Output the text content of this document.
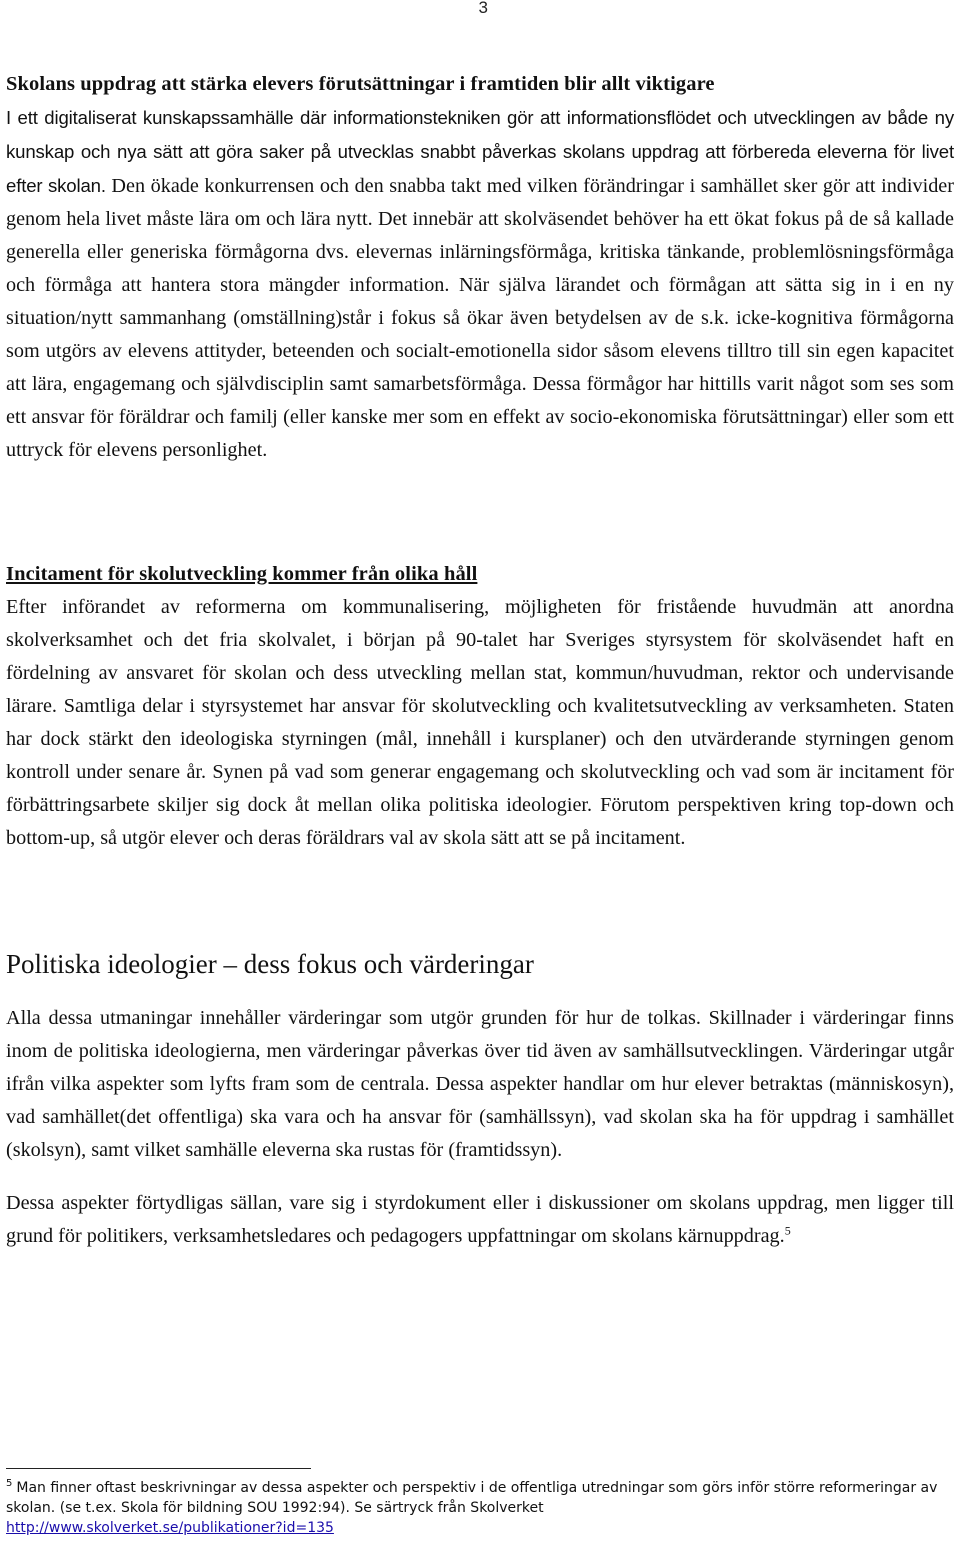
3
Skolans uppdrag att stärka elevers förutsättningar i framtiden blir allt viktigare

I ett digitaliserat kunskapssamhälle där informationstekniken gör att informationsflödet och utvecklingen av både ny kunskap och nya sätt att göra saker på utvecklas snabbt påverkas skolans uppdrag att förbereda eleverna för livet efter skolan. Den ökade konkurrensen och den snabba takt med vilken förändringar i samhället sker gör att individer genom hela livet måste lära om och lära nytt. Det innebär att skolväsendet behöver ha ett ökat fokus på de så kallade generella eller generiska förmågorna dvs. elevernas inlärningsförmåga, kritiska tänkande, problemlösningsförmåga och förmåga att hantera stora mängder information. När själva lärandet och förmågan att sätta sig in i en ny situation/nytt sammanhang (omställning)står i fokus så ökar även betydelsen av de s.k. icke-kognitiva förmågorna som utgörs av elevens attityder, beteenden och socialt-emotionella sidor såsom elevens tilltro till sin egen kapacitet att lära, engagemang och självdisciplin samt samarbetsförmåga. Dessa förmågor har hittills varit något som ses som ett ansvar för föräldrar och familj (eller kanske mer som en effekt av socio-ekonomiska förutsättningar) eller som ett uttryck för elevens personlighet.

Incitament för skolutveckling kommer från olika håll

Efter införandet av reformerna om kommunalisering, möjligheten för fristående huvudmän att anordna skolverksamhet och det fria skolvalet, i början på 90-talet har Sveriges styrsystem för skolväsendet haft en fördelning av ansvaret för skolan och dess utveckling mellan stat, kommun/huvudman, rektor och undervisande lärare. Samtliga delar i styrsystemet har ansvar för skolutveckling och kvalitetsutveckling av verksamheten. Staten har dock stärkt den ideologiska styrningen (mål, innehåll i kursplaner) och den utvärderande styrningen genom kontroll under senare år. Synen på vad som generar engagemang och skolutveckling och vad som är incitament för förbättringsarbete skiljer sig dock åt mellan olika politiska ideologier. Förutom perspektiven kring top-down och bottom-up, så utgör elever och deras föräldrars val av skola sätt att se på incitament.

Politiska ideologier – dess fokus och värderingar

Alla dessa utmaningar innehåller värderingar som utgör grunden för hur de tolkas. Skillnader i värderingar finns inom de politiska ideologierna, men värderingar påverkas över tid även av samhällsutvecklingen. Värderingar utgår ifrån vilka aspekter som lyfts fram som de centrala. Dessa aspekter handlar om hur elever betraktas (människosyn), vad samhället(det offentliga) ska vara och ha ansvar för (samhällssyn), vad skolan ska ha för uppdrag i samhället (skolsyn), samt vilket samhälle eleverna ska rustas för (framtidssyn).

Dessa aspekter förtydligas sällan, vare sig i styrdokument eller i diskussioner om skolans uppdrag, men ligger till grund för politikers, verksamhetsledares och pedagogers uppfattningar om skolans kärnuppdrag.$^5$

$^5$ Man finner oftast beskrivningar av dessa aspekter och perspektiv i de offentliga utredningar som görs inför större reformeringar av skolan. (se t.ex. Skola för bildning SOU 1992:94). Se särtryck från Skolverket
http://www.skolverket.se/publikationer?id=135
